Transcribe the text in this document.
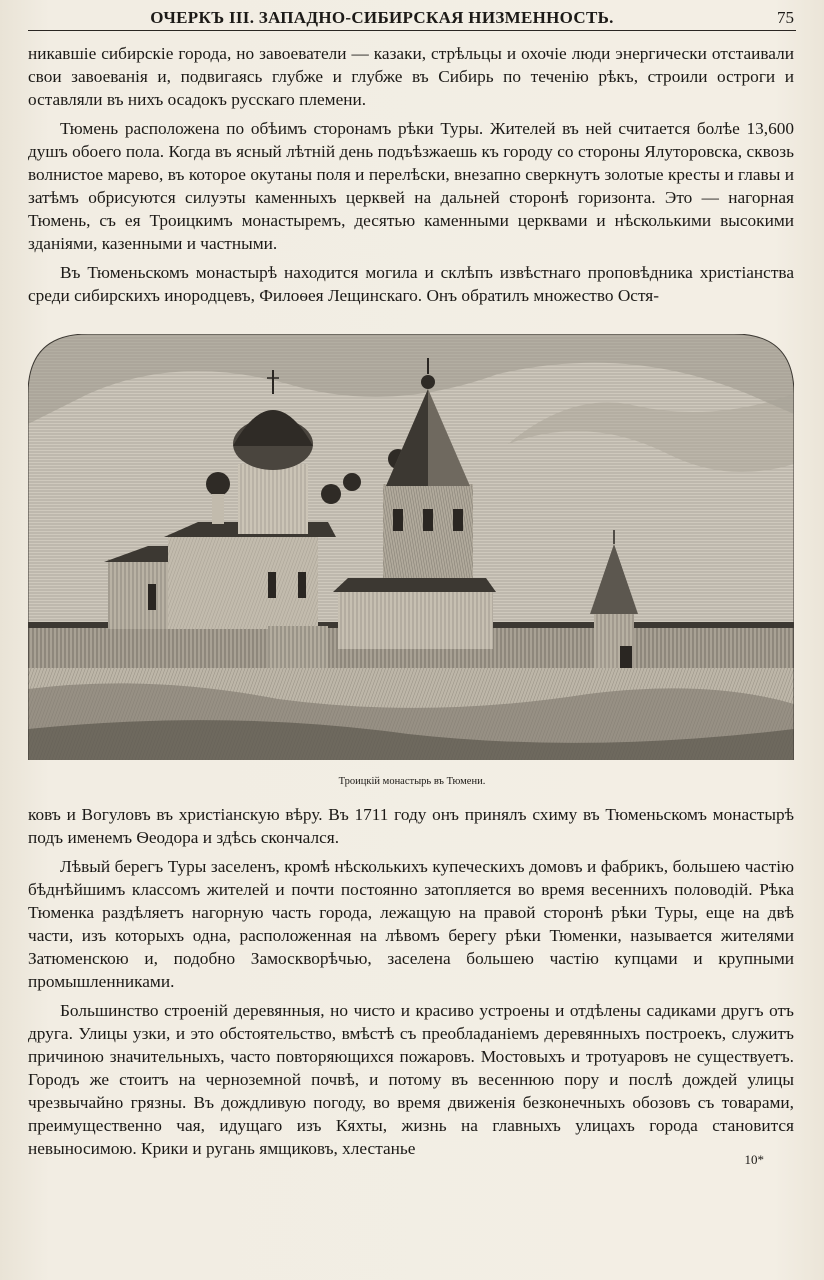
ОЧЕРКЪ III. ЗАПАДНО-СИБИРСКАЯ НИЗМЕННОСТЬ.	75

никавшіе сибирскіе города, но завоеватели — казаки, стрѣльцы и охочіе люди энергически отстаивали свои завоеванія и, подвигаясь глубже и глубже въ Сибирь по теченію рѣкъ, строили остроги и оставляли въ нихъ осадокъ русскаго племени.

Тюмень расположена по обѣимъ сторонамъ рѣки Туры. Жителей въ ней считается болѣе 13,600 душъ обоего пола. Когда въ ясный лѣтній день подъѣзжаешь къ городу со стороны Ялуторовска, сквозь волнистое марево, въ которое окутаны поля и перелѣски, внезапно сверкнутъ золотые кресты и главы и затѣмъ обрисуются силуэты каменныхъ церквей на дальней сторонѣ горизонта. Это — нагорная Тюмень, съ ея Троицкимъ монастыремъ, десятью каменными церквами и нѣсколькими высокими зданіями, казенными и частными.

Въ Тюменьскомъ монастырѣ находится могила и склѣпъ извѣстнаго проповѣдника христіанства среди сибирскихъ инородцевъ, Филоѳея Лещинскаго. Онъ обратилъ множество Остя-

Троицкій монастырь въ Тюмени.

ковъ и Вогуловъ въ христіанскую вѣру. Въ 1711 году онъ принялъ схиму въ Тюменьскомъ монастырѣ подъ именемъ Ѳеодора и здѣсь скончался.

Лѣвый берегъ Туры заселенъ, кромѣ нѣсколькихъ купеческихъ домовъ и фабрикъ, большею частію бѣднѣйшимъ классомъ жителей и почти постоянно затопляется во время весеннихъ половодій. Рѣка Тюменка раздѣляетъ нагорную часть города, лежащую на правой сторонѣ рѣки Туры, еще на двѣ части, изъ которыхъ одна, расположенная на лѣвомъ берегу рѣки Тюменки, называется жителями Затюменскою и, подобно Замоскворѣчью, заселена большею частію купцами и крупными промышленниками.

Большинство строеній деревянныя, но чисто и красиво устроены и отдѣлены садиками другъ отъ друга. Улицы узки, и это обстоятельство, вмѣстѣ съ преобладаніемъ деревянныхъ построекъ, служитъ причиною значительныхъ, часто повторяющихся пожаровъ. Мостовыхъ и тротуаровъ не существуетъ. Городъ же стоитъ на черноземной почвѣ, и потому въ весеннюю пору и послѣ дождей улицы чрезвычайно грязны. Въ дождливую погоду, во время движенія безконечныхъ обозовъ съ товарами, преимущественно чая, идущаго изъ Кяхты, жизнь на главныхъ улицахъ города становится невыносимою. Крики и ругань ямщиковъ, хлестанье

10*
